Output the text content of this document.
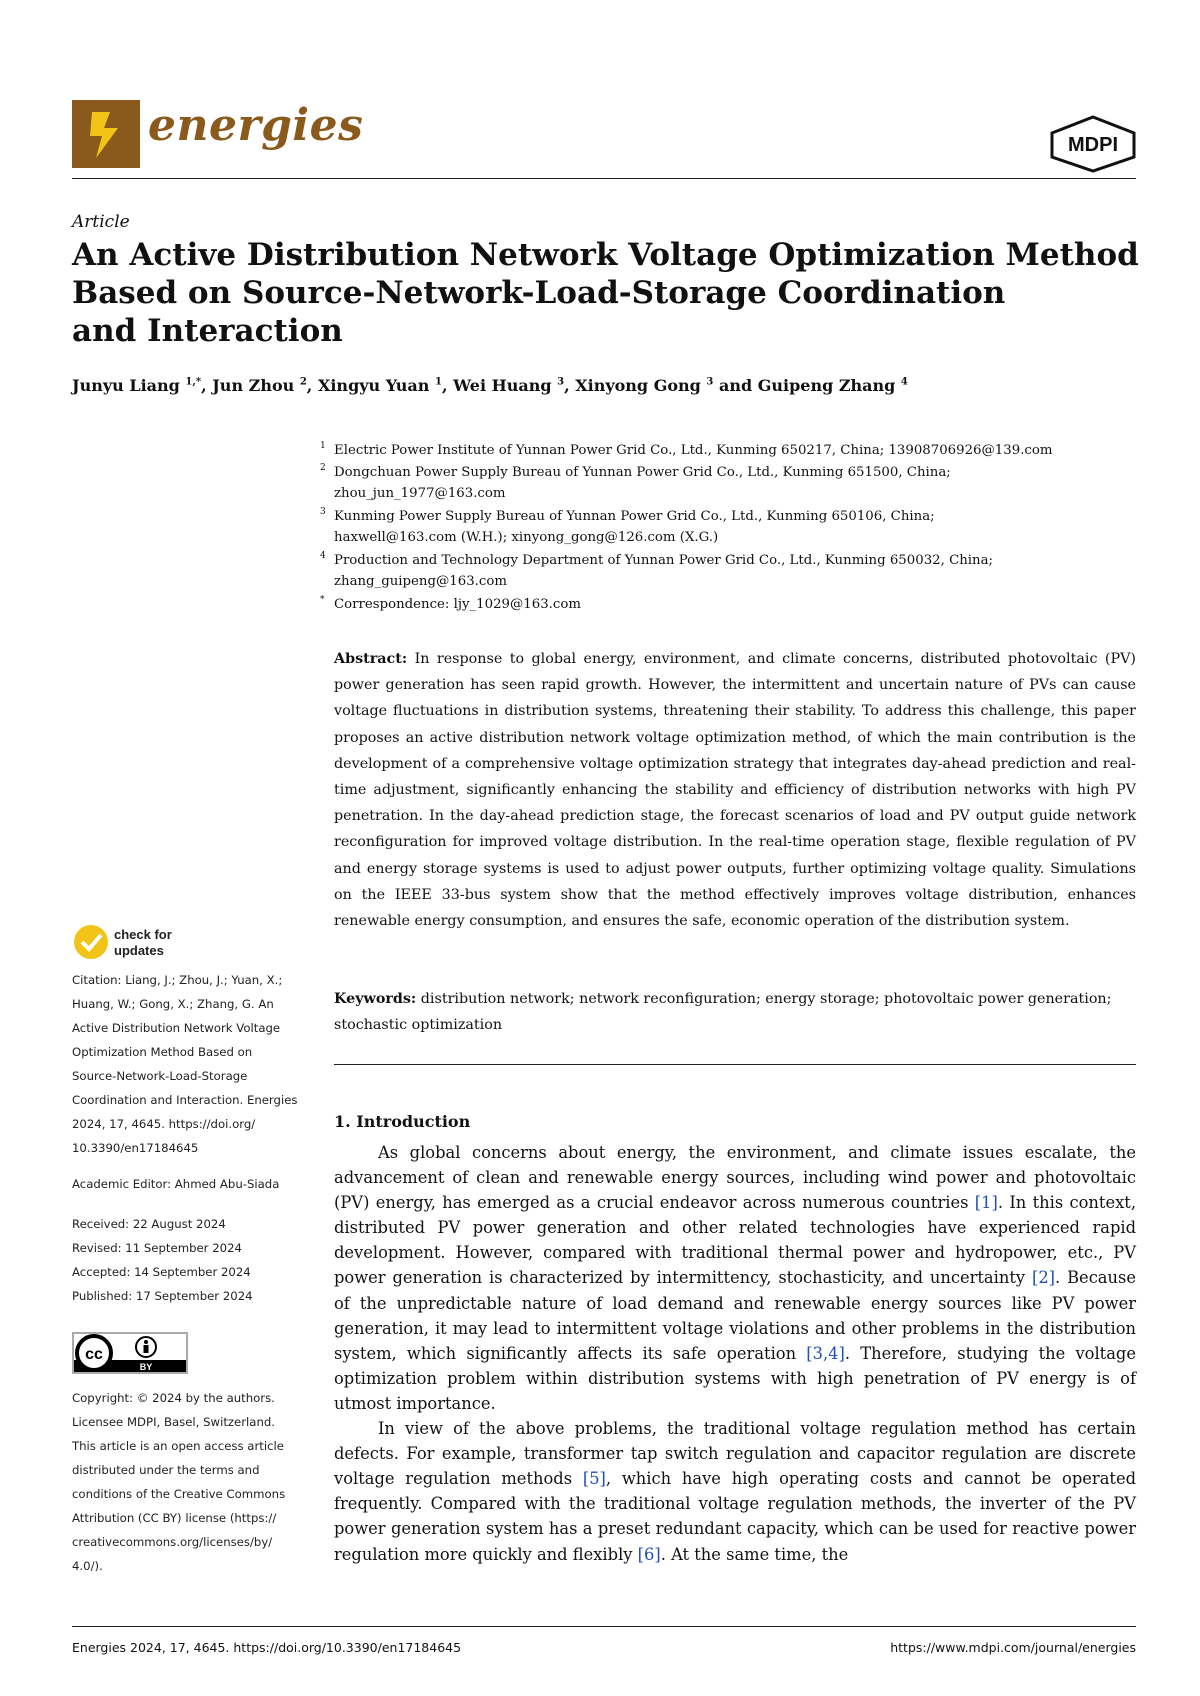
energies	MDPI
Article
An Active Distribution Network Voltage Optimization Method
Based on Source-Network-Load-Storage Coordination
and Interaction
Junyu Liang $^{1,*}$, Jun Zhou $^2$, Xingyu Yuan $^1$, Wei Huang $^3$, Xinyong Gong $^3$ and Guipeng Zhang $^4$
1 Electric Power Institute of Yunnan Power Grid Co., Ltd., Kunming 650217, China; 13908706926@139.com
2 Dongchuan Power Supply Bureau of Yunnan Power Grid Co., Ltd., Kunming 651500, China;
zhou_jun_1977@163.com
3 Kunming Power Supply Bureau of Yunnan Power Grid Co., Ltd., Kunming 650106, China;
haxwell@163.com (W.H.); xinyong_gong@126.com (X.G.)
4 Production and Technology Department of Yunnan Power Grid Co., Ltd., Kunming 650032, China;
zhang_guipeng@163.com
* Correspondence: ljy_1029@163.com
Abstract: In response to global energy, environment, and climate concerns, distributed photovoltaic (PV) power generation has seen rapid growth. However, the intermittent and uncertain nature of PVs can cause voltage fluctuations in distribution systems, threatening their stability. To address this challenge, this paper proposes an active distribution network voltage optimization method, of which the main contribution is the development of a comprehensive voltage optimization strategy that integrates day-ahead prediction and real-time adjustment, significantly enhancing the stability and efficiency of distribution networks with high PV penetration. In the day-ahead prediction stage, the forecast scenarios of load and PV output guide network reconfiguration for improved voltage distribution. In the real-time operation stage, flexible regulation of PV and energy storage systems is used to adjust power outputs, further optimizing voltage quality. Simulations on the IEEE 33-bus system show that the method effectively improves voltage distribution, enhances renewable energy consumption, and ensures the safe, economic operation of the distribution system.
Keywords: distribution network; network reconfiguration; energy storage; photovoltaic power generation; stochastic optimization
1. Introduction

As global concerns about energy, the environment, and climate issues escalate, the advancement of clean and renewable energy sources, including wind power and photovoltaic (PV) energy, has emerged as a crucial endeavor across numerous countries [1]. In this context, distributed PV power generation and other related technologies have experienced rapid development. However, compared with traditional thermal power and hydropower, etc., PV power generation is characterized by intermittency, stochasticity, and uncertainty [2]. Because of the unpredictable nature of load demand and renewable energy sources like PV power generation, it may lead to intermittent voltage violations and other problems in the distribution system, which significantly affects its safe operation [3,4]. Therefore, studying the voltage optimization problem within distribution systems with high penetration of PV energy is of utmost importance.

In view of the above problems, the traditional voltage regulation method has certain defects. For example, transformer tap switch regulation and capacitor regulation are discrete voltage regulation methods [5], which have high operating costs and cannot be operated frequently. Compared with the traditional voltage regulation methods, the inverter of the PV power generation system has a preset redundant capacity, which can be used for reactive power regulation more quickly and flexibly [6]. At the same time, the

check for
updates
Citation: Liang, J.; Zhou, J.; Yuan, X.;
Huang, W.; Gong, X.; Zhang, G. An
Active Distribution Network Voltage
Optimization Method Based on
Source-Network-Load-Storage
Coordination and Interaction. Energies
2024, 17, 4645. https://doi.org/
10.3390/en17184645
Academic Editor: Ahmed Abu-Siada
Received: 22 August 2024
Revised: 11 September 2024
Accepted: 14 September 2024
Published: 17 September 2024
cc
BY
Copyright: © 2024 by the authors.
Licensee MDPI, Basel, Switzerland.
This article is an open access article
distributed under the terms and
conditions of the Creative Commons
Attribution (CC BY) license (https://
creativecommons.org/licenses/by/
4.0/).
Energies 2024, 17, 4645. https://doi.org/10.3390/en17184645	https://www.mdpi.com/journal/energies
